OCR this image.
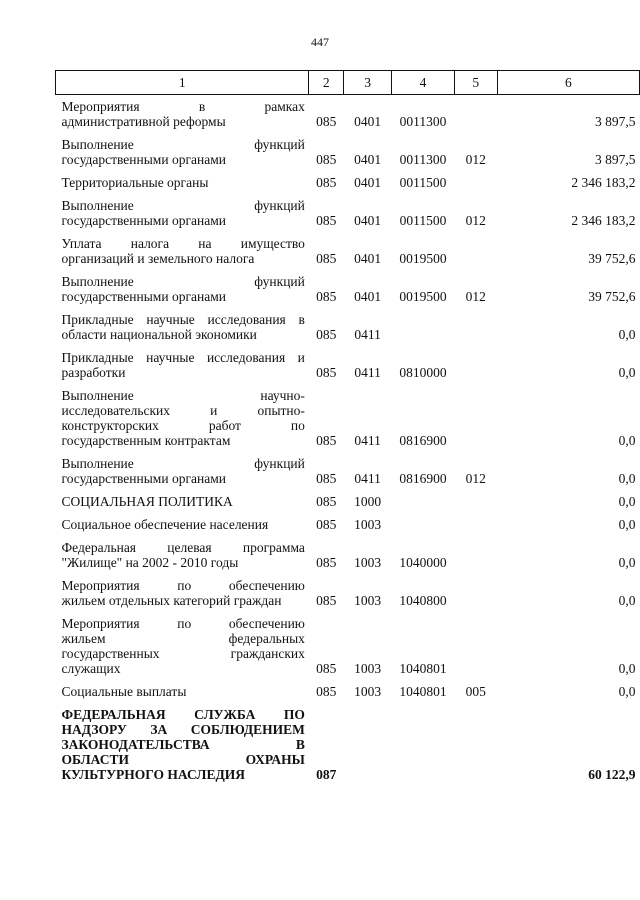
447
1	2	3	4	5	6

Мероприятия в рамках
административной реформы	085	0401	0011300		3 897,5

Выполнение функций
государственными органами	085	0401	0011300	012	3 897,5

Территориальные органы	085	0401	0011500		2 346 183,2

Выполнение функций
государственными органами	085	0401	0011500	012	2 346 183,2

Уплата налога на имущество
организаций и земельного налога	085	0401	0019500		39 752,6

Выполнение функций
государственными органами	085	0401	0019500	012	39 752,6

Прикладные научные исследования в
области национальной экономики	085	0411			0,0

Прикладные научные исследования и
разработки	085	0411	0810000		0,0

Выполнение научно-
исследовательских и опытно-
конструкторских работ по
государственным контрактам	085	0411	0816900		0,0

Выполнение функций
государственными органами	085	0411	0816900	012	0,0

СОЦИАЛЬНАЯ ПОЛИТИКА	085	1000			0,0

Социальное обеспечение населения	085	1003			0,0

Федеральная целевая программа
"Жилище" на 2002 - 2010 годы	085	1003	1040000		0,0

Мероприятия по обеспечению
жильем отдельных категорий граждан	085	1003	1040800		0,0

Мероприятия по обеспечению
жильем федеральных
государственных гражданских
служащих	085	1003	1040801		0,0

Социальные выплаты	085	1003	1040801	005	0,0

ФЕДЕРАЛЬНАЯ СЛУЖБА ПО
НАДЗОРУ ЗА СОБЛЮДЕНИЕМ
ЗАКОНОДАТЕЛЬСТВА В
ОБЛАСТИ ОХРАНЫ
КУЛЬТУРНОГО НАСЛЕДИЯ	087				60 122,9
